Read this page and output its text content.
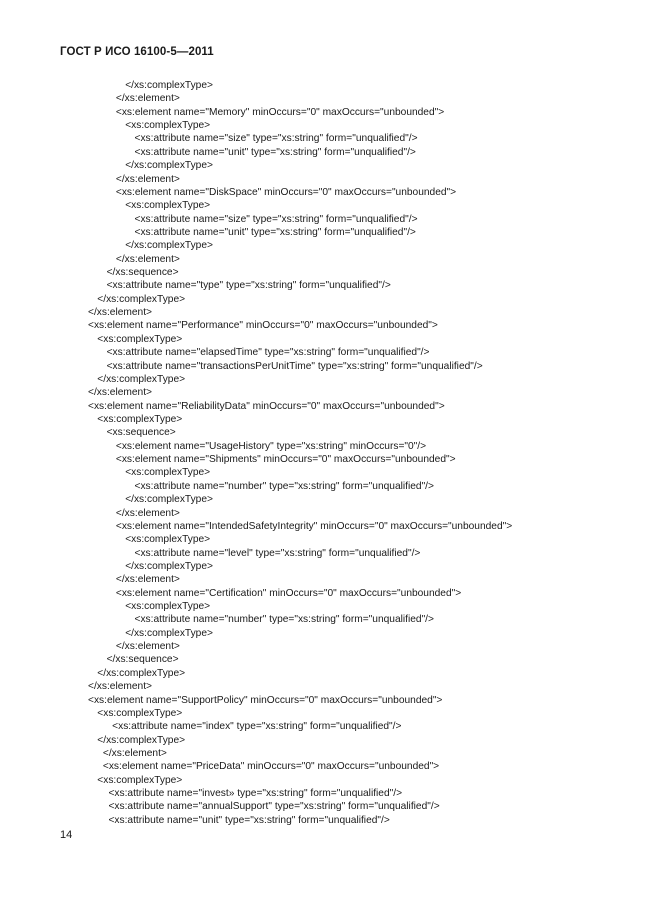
ГОСТ Р ИСО 16100-5—2011
</xs:complexType>
</xs:element>
<xs:element name="Memory" minOccurs="0" maxOccurs="unbounded">
<xs:complexType>
<xs:attribute name="size" type="xs:string" form="unqualified"/>
<xs:attribute name="unit" type="xs:string" form="unqualified"/>
</xs:complexType>
</xs:element>
<xs:element name="DiskSpace" minOccurs="0" maxOccurs="unbounded">
<xs:complexType>
<xs:attribute name="size" type="xs:string" form="unqualified"/>
<xs:attribute name="unit" type="xs:string" form="unqualified"/>
</xs:complexType>
</xs:element>
</xs:sequence>
<xs:attribute name="type" type="xs:string" form="unqualified"/>
</xs:complexType>
</xs:element>
<xs:element name="Performance" minOccurs="0" maxOccurs="unbounded">
<xs:complexType>
<xs:attribute name="elapsedTime" type="xs:string" form="unqualified"/>
<xs:attribute name="transactionsPerUnitTime" type="xs:string" form="unqualified"/>
</xs:complexType>
</xs:element>
<xs:element name="ReliabilityData" minOccurs="0" maxOccurs="unbounded">
<xs:complexType>
<xs:sequence>
<xs:element name="UsageHistory" type="xs:string" minOccurs="0"/>
<xs:element name="Shipments" minOccurs="0" maxOccurs="unbounded">
<xs:complexType>
<xs:attribute name="number" type="xs:string" form="unqualified"/>
</xs:complexType>
</xs:element>
<xs:element name="IntendedSafetyIntegrity" minOccurs="0" maxOccurs="unbounded">
<xs:complexType>
<xs:attribute name="level" type="xs:string" form="unqualified"/>
</xs:complexType>
</xs:element>
<xs:element name="Certification" minOccurs="0" maxOccurs="unbounded">
<xs:complexType>
<xs:attribute name="number" type="xs:string" form="unqualified"/>
</xs:complexType>
</xs:element>
</xs:sequence>
</xs:complexType>
</xs:element>
<xs:element name="SupportPolicy" minOccurs="0" maxOccurs="unbounded">
<xs:complexType>
<xs:attribute name="index" type="xs:string" form="unqualified"/>
</xs:complexType>
</xs:element>
<xs:element name="PriceData" minOccurs="0" maxOccurs="unbounded">
<xs:complexType>
<xs:attribute name="invest» type="xs:string" form="unqualified"/>
<xs:attribute name="annualSupport" type="xs:string" form="unqualified"/>
<xs:attribute name="unit" type="xs:string" form="unqualified"/>
14
